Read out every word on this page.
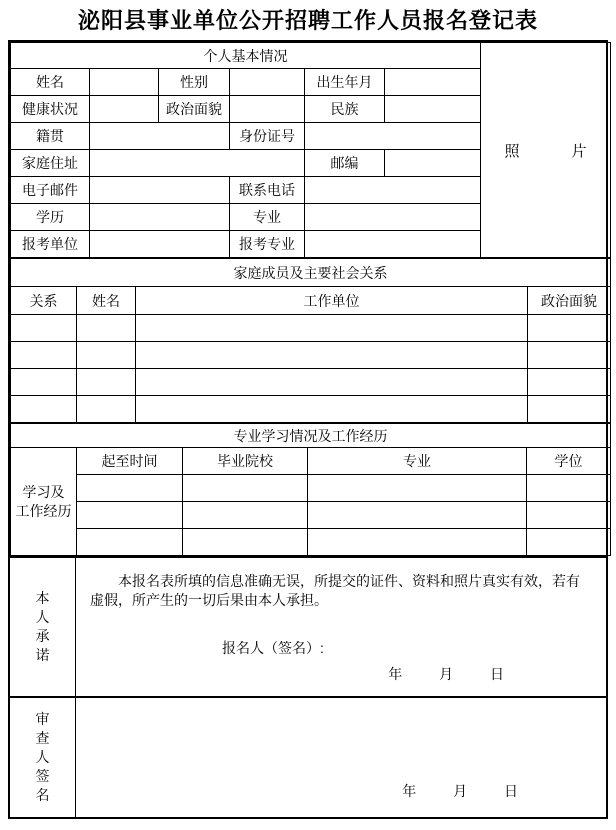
泌阳县事业单位公开招聘工作人员报名登记表
个人基本情况						照 片

姓名		性别		出生年月		
健康状况		政治面貌		民族		
籍贯			身份证号			
家庭住址				邮编		
电子邮件			联系电话			
学历			专业			
报考单位			报考专业			
家庭成员及主要社会关系			
关系	姓名	工作单位	政治面貌

专业学习情况及工作经历				

学习及
工作经历	起至时间	毕业院校	专业	学位

本
人
承
诺
本报名表所填的信息准确无误，所提交的证件、资料和照片真实有效，若有虚假，所产生的一切后果由本人承担。
报名人（签名）:
年	月	日
审
查
人
签
名	年	月	日
